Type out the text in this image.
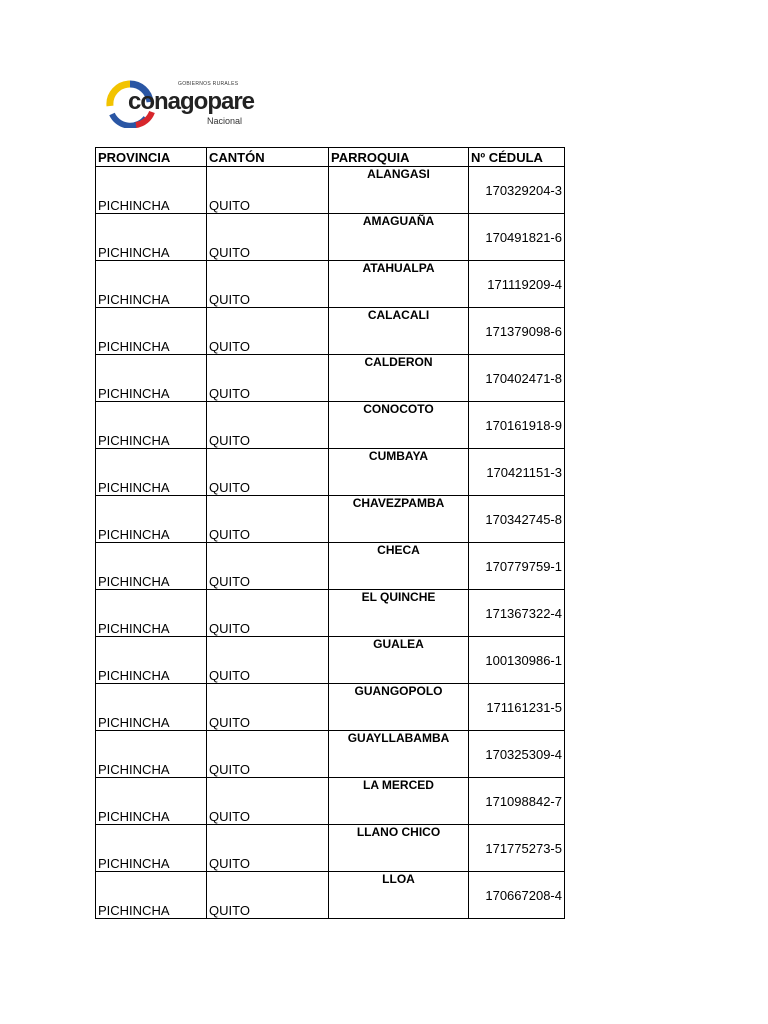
GOBIERNOS RURALES
conagopare
Nacional
PROVINCIA	CANTÓN	PARROQUIA	Nº CÉDULA
PICHINCHA	QUITO	ALANGASI	170329204-3
PICHINCHA	QUITO	AMAGUAÑA	170491821-6
PICHINCHA	QUITO	ATAHUALPA	171119209-4
PICHINCHA	QUITO	CALACALI	171379098-6
PICHINCHA	QUITO	CALDERON	170402471-8
PICHINCHA	QUITO	CONOCOTO	170161918-9
PICHINCHA	QUITO	CUMBAYA	170421151-3
PICHINCHA	QUITO	CHAVEZPAMBA	170342745-8
PICHINCHA	QUITO	CHECA	170779759-1
PICHINCHA	QUITO	EL QUINCHE	171367322-4
PICHINCHA	QUITO	GUALEA	100130986-1
PICHINCHA	QUITO	GUANGOPOLO	171161231-5
PICHINCHA	QUITO	GUAYLLABAMBA	170325309-4
PICHINCHA	QUITO	LA MERCED	171098842-7
PICHINCHA	QUITO	LLANO CHICO	171775273-5
PICHINCHA	QUITO	LLOA	170667208-4
